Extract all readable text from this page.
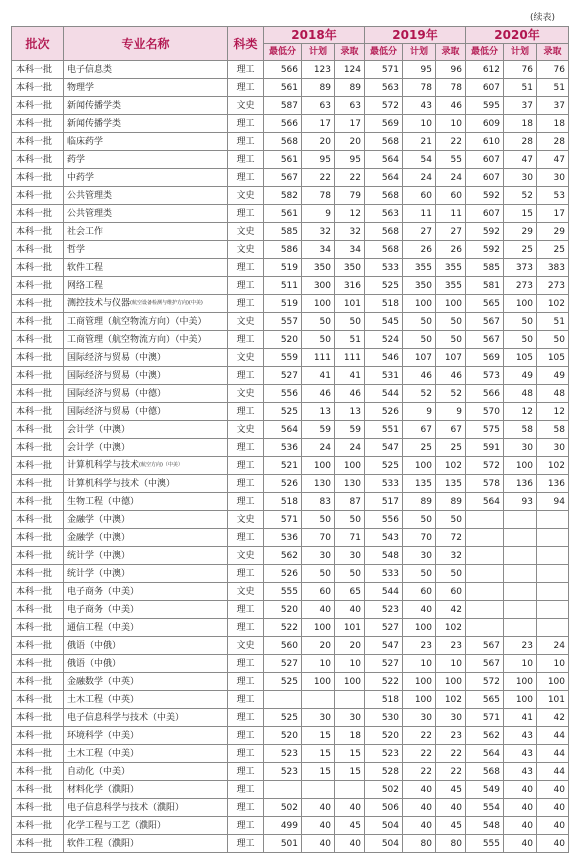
(续表)
批次	专业名称	科类	2018年			2019年			2020年		
			最低分	计划	录取	最低分	计划	录取	最低分	计划	录取
本科一批	电子信息类	理工	566	123	124	571	95	96	612	76	76
本科一批	物理学	理工	561	89	89	563	78	78	607	51	51
本科一批	新闻传播学类	文史	587	63	63	572	43	46	595	37	37
本科一批	新闻传播学类	理工	566	17	17	569	10	10	609	18	18
本科一批	临床药学	理工	568	20	20	568	21	22	610	28	28
本科一批	药学	理工	561	95	95	564	54	55	607	47	47
本科一批	中药学	理工	567	22	22	564	24	24	607	30	30
本科一批	公共管理类	文史	582	78	79	568	60	60	592	52	53
本科一批	公共管理类	理工	561	9	12	563	11	11	607	15	17
本科一批	社会工作	文史	585	32	32	568	27	27	592	29	29
本科一批	哲学	文史	586	34	34	568	26	26	592	25	25
本科一批	软件工程	理工	519	350	350	533	355	355	585	373	383
本科一批	网络工程	理工	511	300	316	525	350	355	581	273	273
本科一批	测控技术与仪器(航空设备检测与维护方向)(中美)	理工	519	100	101	518	100	100	565	100	102
本科一批	工商管理（航空物流方向）（中美）	文史	557	50	50	545	50	50	567	50	51
本科一批	工商管理（航空物流方向）（中美）	理工	520	50	51	524	50	50	567	50	50
本科一批	国际经济与贸易（中澳）	文史	559	111	111	546	107	107	569	105	105
本科一批	国际经济与贸易（中澳）	理工	527	41	41	531	46	46	573	49	49
本科一批	国际经济与贸易（中德）	文史	556	46	46	544	52	52	566	48	48
本科一批	国际经济与贸易（中德）	理工	525	13	13	526	9	9	570	12	12
本科一批	会计学（中澳）	文史	564	59	59	551	67	67	575	58	58
本科一批	会计学（中澳）	理工	536	24	24	547	25	25	591	30	30
本科一批	计算机科学与技术(航空方向)（中美）	理工	521	100	100	525	100	102	572	100	102
本科一批	计算机科学与技术（中澳）	理工	526	130	130	533	135	135	578	136	136
本科一批	生物工程（中德）	理工	518	83	87	517	89	89	564	93	94
本科一批	金融学（中澳）	文史	571	50	50	556	50	50			
本科一批	金融学（中澳）	理工	536	70	71	543	70	72			
本科一批	统计学（中澳）	文史	562	30	30	548	30	32			
本科一批	统计学（中澳）	理工	526	50	50	533	50	50			
本科一批	电子商务（中美）	文史	555	60	65	544	60	60			
本科一批	电子商务（中美）	理工	520	40	40	523	40	42			
本科一批	通信工程（中美）	理工	522	100	101	527	100	102			
本科一批	俄语（中俄）	文史	560	20	20	547	23	23	567	23	24
本科一批	俄语（中俄）	理工	527	10	10	527	10	10	567	10	10
本科一批	金融数学（中英）	理工	525	100	100	522	100	100	572	100	100
本科一批	土木工程（中英）	理工				518	100	102	565	100	101
本科一批	电子信息科学与技术（中美）	理工	525	30	30	530	30	30	571	41	42
本科一批	环境科学（中美）	理工	520	15	18	520	22	23	562	43	44
本科一批	土木工程（中美）	理工	523	15	15	523	22	22	564	43	44
本科一批	自动化（中美）	理工	523	15	15	528	22	22	568	43	44
本科一批	材料化学（濮阳）	理工				502	40	45	549	40	40
本科一批	电子信息科学与技术（濮阳）	理工	502	40	40	506	40	40	554	40	40
本科一批	化学工程与工艺（濮阳）	理工	499	40	45	504	40	45	548	40	40
本科一批	软件工程（濮阳）	理工	501	40	40	504	80	80	555	40	40
